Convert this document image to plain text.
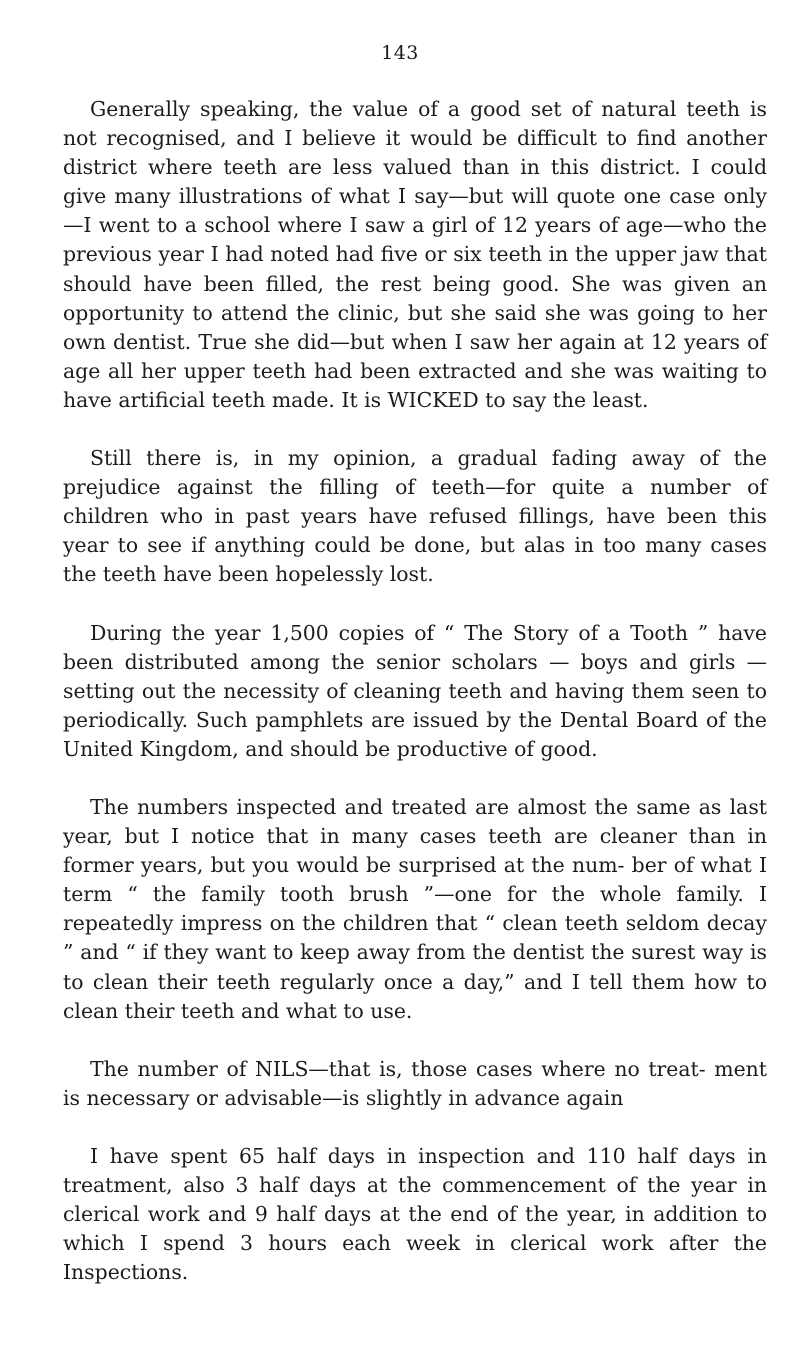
143

Generally speaking, the value of a good set of natural teeth is not recognised, and I believe it would be difficult to find another district where teeth are less valued than in this district. I could give many illustrations of what I say—but will quote one case only—I went to a school where I saw a girl of 12 years of age—who the previous year I had noted had five or six teeth in the upper jaw that should have been filled, the rest being good. She was given an opportunity to attend the clinic, but she said she was going to her own dentist. True she did—but when I saw her again at 12 years of age all her upper teeth had been extracted and she was waiting to have artificial teeth made. It is WICKED to say the least.

Still there is, in my opinion, a gradual fading away of the prejudice against the filling of teeth—for quite a number of children who in past years have refused fillings, have been this year to see if anything could be done, but alas in too many cases the teeth have been hopelessly lost.

During the year 1,500 copies of “ The Story of a Tooth ” have been distributed among the senior scholars — boys and girls — setting out the necessity of cleaning teeth and having them seen to periodically. Such pamphlets are issued by the Dental Board of the United Kingdom, and should be productive of good.

The numbers inspected and treated are almost the same as last year, but I notice that in many cases teeth are cleaner than in former years, but you would be surprised at the num- ber of what I term “ the family tooth brush ”—one for the whole family. I repeatedly impress on the children that “ clean teeth seldom decay ” and “ if they want to keep away from the dentist the surest way is to clean their teeth regularly once a day,” and I tell them how to clean their teeth and what to use.

The number of NILS—that is, those cases where no treat- ment is necessary or advisable—is slightly in advance again

I have spent 65 half days in inspection and 110 half days in treatment, also 3 half days at the commencement of the year in clerical work and 9 half days at the end of the year, in addition to which I spend 3 hours each week in clerical work after the Inspections.
